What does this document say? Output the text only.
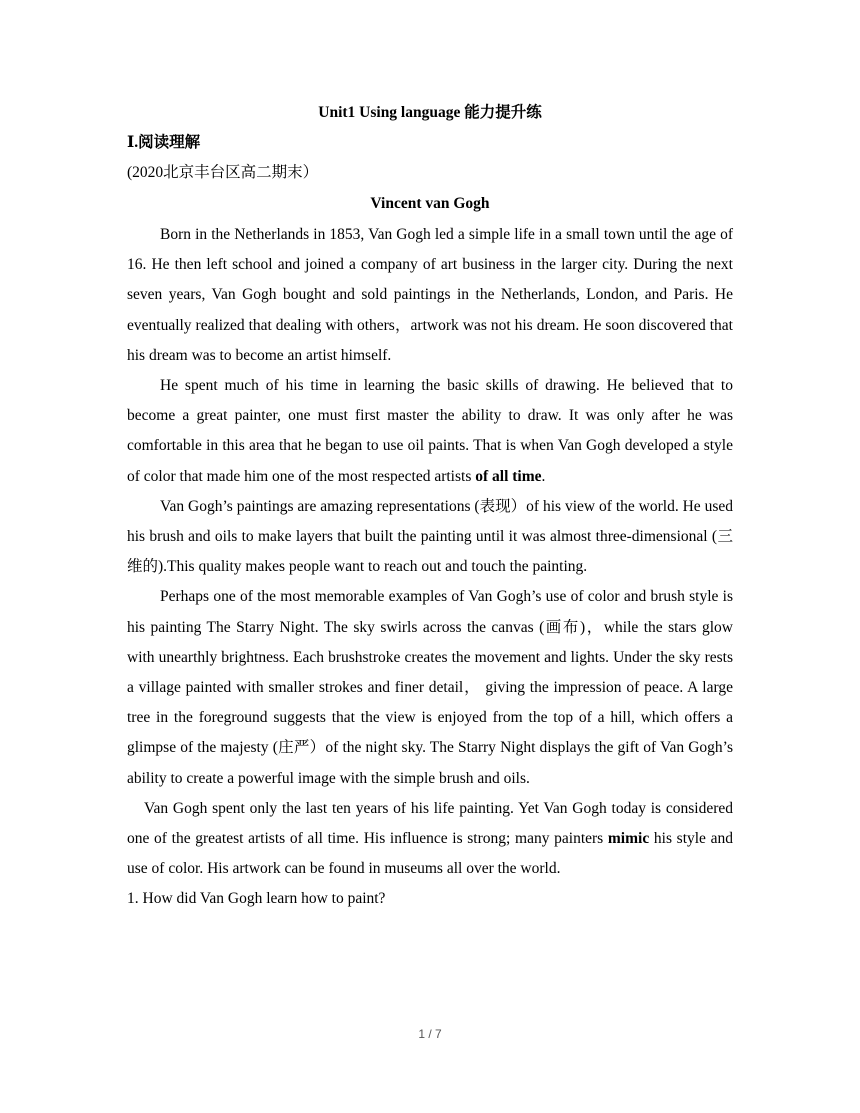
Unit1 Using language 能力提升练
Ⅰ.阅读理解
(2020北京丰台区高二期末）
Vincent van Gogh

Born in the Netherlands in 1853, Van Gogh led a simple life in a small town until the age of 16. He then left school and joined a company of art business in the larger city. During the next seven years, Van Gogh bought and sold paintings in the Netherlands, London, and Paris. He eventually realized that dealing with others，artwork was not his dream. He soon discovered that his dream was to become an artist himself.

He spent much of his time in learning the basic skills of drawing. He believed that to become a great painter, one must first master the ability to draw. It was only after he was comfortable in this area that he began to use oil paints. That is when Van Gogh developed a style of color that made him one of the most respected artists of all time.

Van Gogh’s paintings are amazing representations (表现）of his view of the world. He used his brush and oils to make layers that built the painting until it was almost three-dimensional (三维的).This quality makes people want to reach out and touch the painting.

Perhaps one of the most memorable examples of Van Gogh’s use of color and brush style is his painting The Starry Night. The sky swirls across the canvas (画布)，while the stars glow with unearthly brightness. Each brushstroke creates the movement and lights. Under the sky rests a village painted with smaller strokes and finer detail， giving the impression of peace. A large tree in the foreground suggests that the view is enjoyed from the top of a hill, which offers a glimpse of the majesty (庄严）of the night sky. The Starry Night displays the gift of Van Gogh’s ability to create a powerful image with the simple brush and oils.

Van Gogh spent only the last ten years of his life painting. Yet Van Gogh today is considered one of the greatest artists of all time. His influence is strong; many painters mimic his style and use of color. His artwork can be found in museums all over the world.

1. How did Van Gogh learn how to paint?
1 / 7
